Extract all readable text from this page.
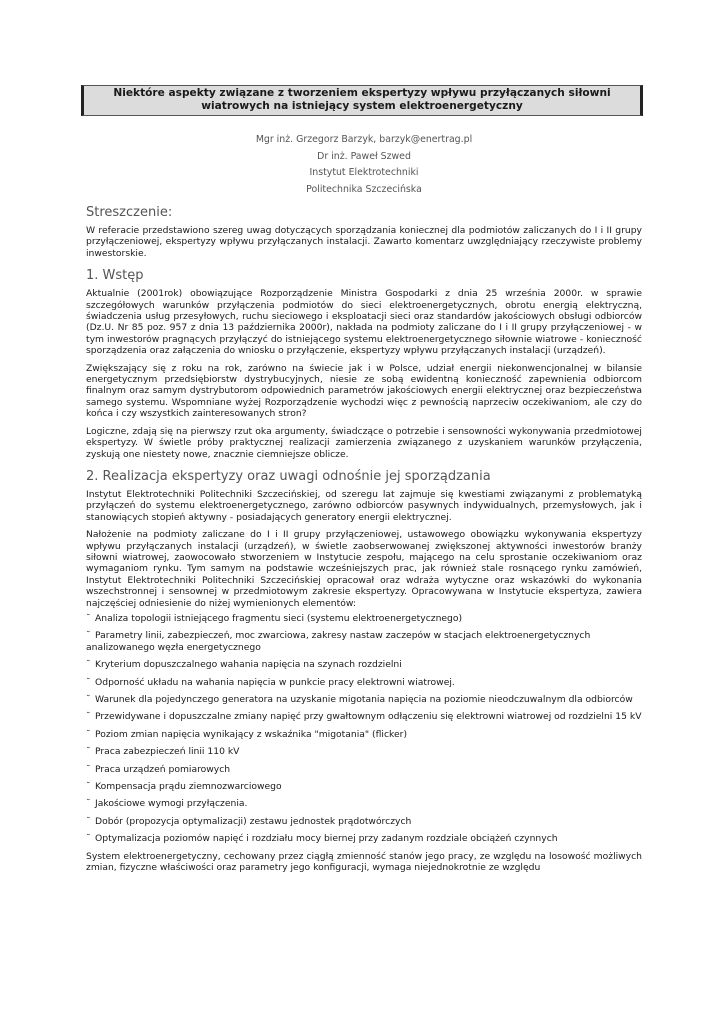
Niektóre aspekty związane z tworzeniem ekspertyzy wpływu przyłączanych siłowni wiatrowych na istniejący system elektroenergetyczny
Mgr inż. Grzegorz Barzyk, barzyk@enertrag.pl
Dr inż. Paweł Szwed
Instytut Elektrotechniki
Politechnika Szczecińska
Streszczenie:

W referacie przedstawiono szereg uwag dotyczących sporządzania koniecznej dla podmiotów zaliczanych do I i II grupy przyłączeniowej, ekspertyzy wpływu przyłączanych instalacji. Zawarto komentarz uwzględniający rzeczywiste problemy inwestorskie.

1. Wstęp

Aktualnie (2001rok) obowiązujące Rozporządzenie Ministra Gospodarki z dnia 25 września 2000r. w sprawie szczegółowych warunków przyłączenia podmiotów do sieci elektroenergetycznych, obrotu energią elektryczną, świadczenia usług przesyłowych, ruchu sieciowego i eksploatacji sieci oraz standardów jakościowych obsługi odbiorców (Dz.U. Nr 85 poz. 957 z dnia 13 października 2000r), nakłada na podmioty zaliczane do I i II grupy przyłączeniowej - w tym inwestorów pragnących przyłączyć do istniejącego systemu elektroenergetycznego siłownie wiatrowe - konieczność sporządzenia oraz załączenia do wniosku o przyłączenie, ekspertyzy wpływu przyłączanych instalacji (urządzeń).

Zwiększający się z roku na rok, zarówno na świecie jak i w Polsce, udział energii niekonwencjonalnej w bilansie energetycznym przedsiębiorstw dystrybucyjnych, niesie ze sobą ewidentną konieczność zapewnienia odbiorcom finalnym oraz samym dystrybutorom odpowiednich parametrów jakościowych energii elektrycznej oraz bezpieczeństwa samego systemu. Wspomniane wyżej Rozporządzenie wychodzi więc z pewnością naprzeciw oczekiwaniom, ale czy do końca i czy wszystkich zainteresowanych stron?

Logiczne, zdają się na pierwszy rzut oka argumenty, świadczące o potrzebie i sensowności wykonywania przedmiotowej ekspertyzy. W świetle próby praktycznej realizacji zamierzenia związanego z uzyskaniem warunków przyłączenia, zyskują one niestety nowe, znacznie ciemniejsze oblicze.

2. Realizacja ekspertyzy oraz uwagi odnośnie jej sporządzania

Instytut Elektrotechniki Politechniki Szczecińskiej, od szeregu lat zajmuje się kwestiami związanymi z problematyką przyłączeń do systemu elektroenergetycznego, zarówno odbiorców pasywnych indywidualnych, przemysłowych, jak i stanowiących stopień aktywny - posiadających generatory energii elektrycznej.

Nałożenie na podmioty zaliczane do I i II grupy przyłączeniowej, ustawowego obowiązku wykonywania ekspertyzy wpływu przyłączanych instalacji (urządzeń), w świetle zaobserwowanej zwiększonej aktywności inwestorów branży siłowni wiatrowej, zaowocowało stworzeniem w Instytucie zespołu, mającego na celu sprostanie oczekiwaniom oraz wymaganiom rynku. Tym samym na podstawie wcześniejszych prac, jak również stale rosnącego rynku zamówień, Instytut Elektrotechniki Politechniki Szczecińskiej opracował oraz wdraża wytyczne oraz wskazówki do wykonania wszechstronnej i sensownej w przedmiotowym zakresie ekspertyzy. Opracowywana w Instytucie ekspertyza, zawiera najczęściej odniesienie do niżej wymienionych elementów:

˘ Analiza topologii istniejącego fragmentu sieci (systemu elektroenergetycznego)
˘ Parametry linii, zabezpieczeń, moc zwarciowa, zakresy nastaw zaczepów w stacjach elektroenergetycznych analizowanego węzła energetycznego
˘ Kryterium dopuszczalnego wahania napięcia na szynach rozdzielni
˘ Odporność układu na wahania napięcia w punkcie pracy elektrowni wiatrowej.
˘ Warunek dla pojedynczego generatora na uzyskanie migotania napięcia na poziomie nieodczuwalnym dla odbiorców
˘ Przewidywane i dopuszczalne zmiany napięć przy gwałtownym odłączeniu się elektrowni wiatrowej od rozdzielni 15 kV
˘ Poziom zmian napięcia wynikający z wskaźnika "migotania" (flicker)
˘ Praca zabezpieczeń linii 110 kV
˘ Praca urządzeń pomiarowych
˘ Kompensacja prądu ziemnozwarciowego
˘ Jakościowe wymogi przyłączenia.
˘ Dobór (propozycja optymalizacji) zestawu jednostek prądotwórczych
˘ Optymalizacja poziomów napięć i rozdziału mocy biernej przy zadanym rozdziale obciążeń czynnych

System elektroenergetyczny, cechowany przez ciągłą zmienność stanów jego pracy, ze względu na losowość możliwych zmian, fizyczne właściwości oraz parametry jego konfiguracji, wymaga niejednokrotnie ze względu
